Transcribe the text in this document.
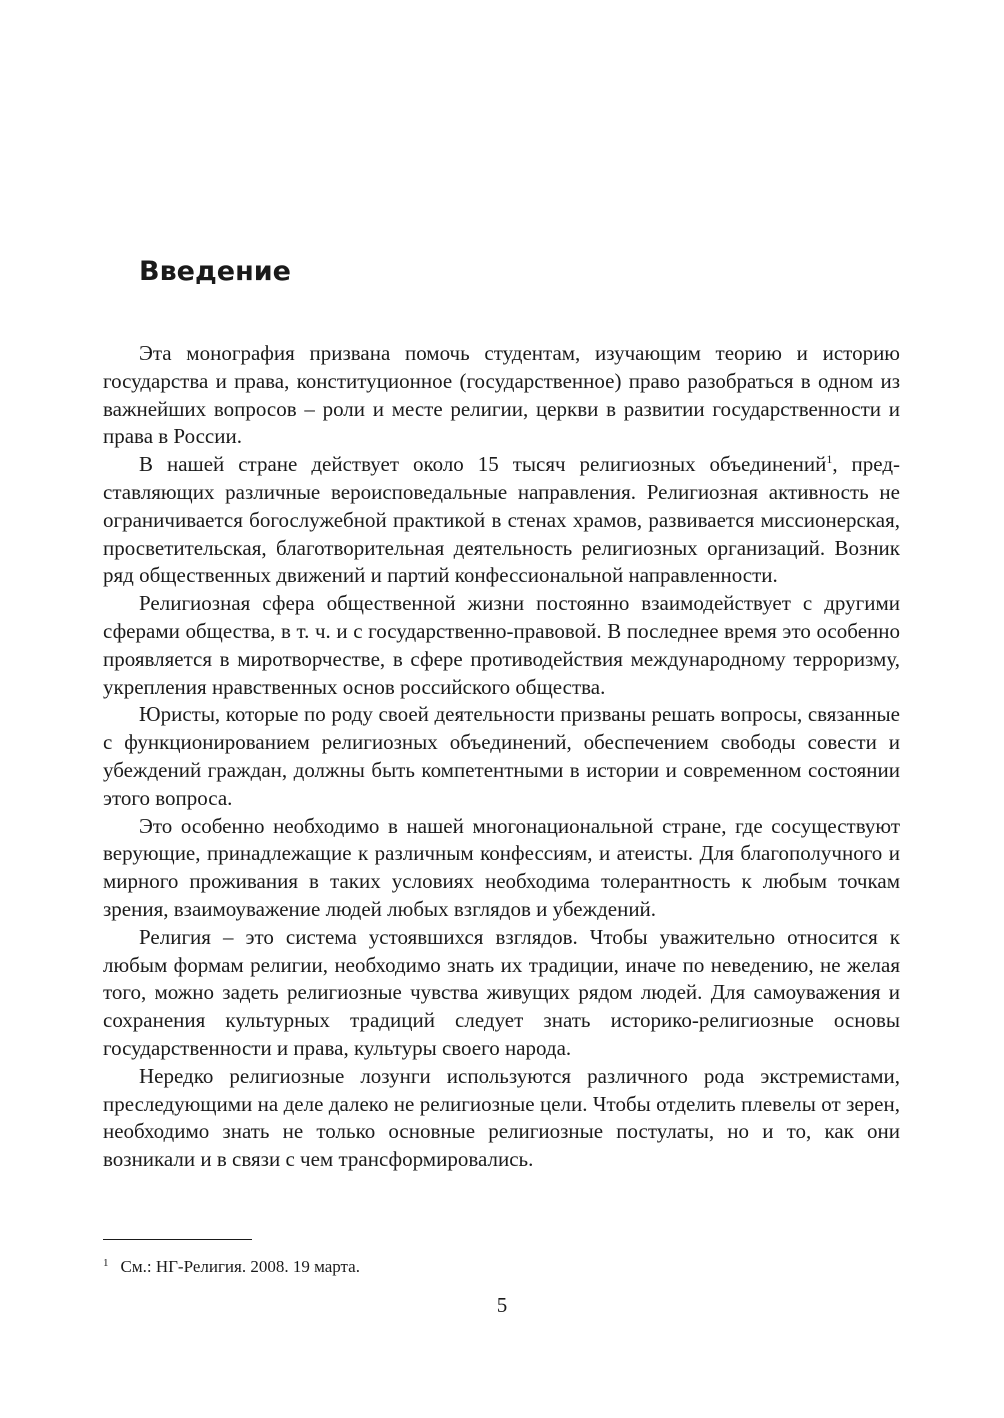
Введение

Эта монография призвана помочь студентам, изучающим теорию и историю государства и права, конституционное (государственное) право разобраться в одном из важнейших вопросов – роли и месте религии, церкви в развитии государственности и права в России.

В нашей стране действует около 15 тысяч религиозных объединений$^1$, представляющих различные вероисповедальные направления. Религиозная активность не ограничивается богослужебной практикой в стенах храмов, развивается миссионерская, просветительская, благотворительная деятельность религиозных организаций. Возник ряд общественных движений и партий конфессиональной направленности.

Религиозная сфера общественной жизни постоянно взаимодействует с другими сферами общества, в т. ч. и с государственно-правовой. В последнее время это особенно проявляется в миротворчестве, в сфере противодействия международному терроризму, укрепления нравственных основ российского общества.

Юристы, которые по роду своей деятельности призваны решать вопросы, связанные с функционированием религиозных объединений, обеспечением свободы совести и убеждений граждан, должны быть компетентными в истории и современном состоянии этого вопроса.

Это особенно необходимо в нашей многонациональной стране, где сосуществуют верующие, принадлежащие к различным конфессиям, и атеисты. Для благополучного и мирного проживания в таких условиях необходима толерантность к любым точкам зрения, взаимоуважение людей любых взглядов и убеждений.

Религия – это система устоявшихся взглядов. Чтобы уважительно относится к любым формам религии, необходимо знать их традиции, иначе по неведению, не желая того, можно задеть религиозные чувства живущих рядом людей. Для самоуважения и сохранения культурных традиций следует знать историко-религиозные основы государственности и права, культуры своего народа.

Нередко религиозные лозунги используются различного рода экстремистами, преследующими на деле далеко не религиозные цели. Чтобы отделить плевелы от зерен, необходимо знать не только основные религиозные постулаты, но и то, как они возникали и в связи с чем трансформировались.

$^1$ См.: НГ-Религия. 2008. 19 марта.
5
